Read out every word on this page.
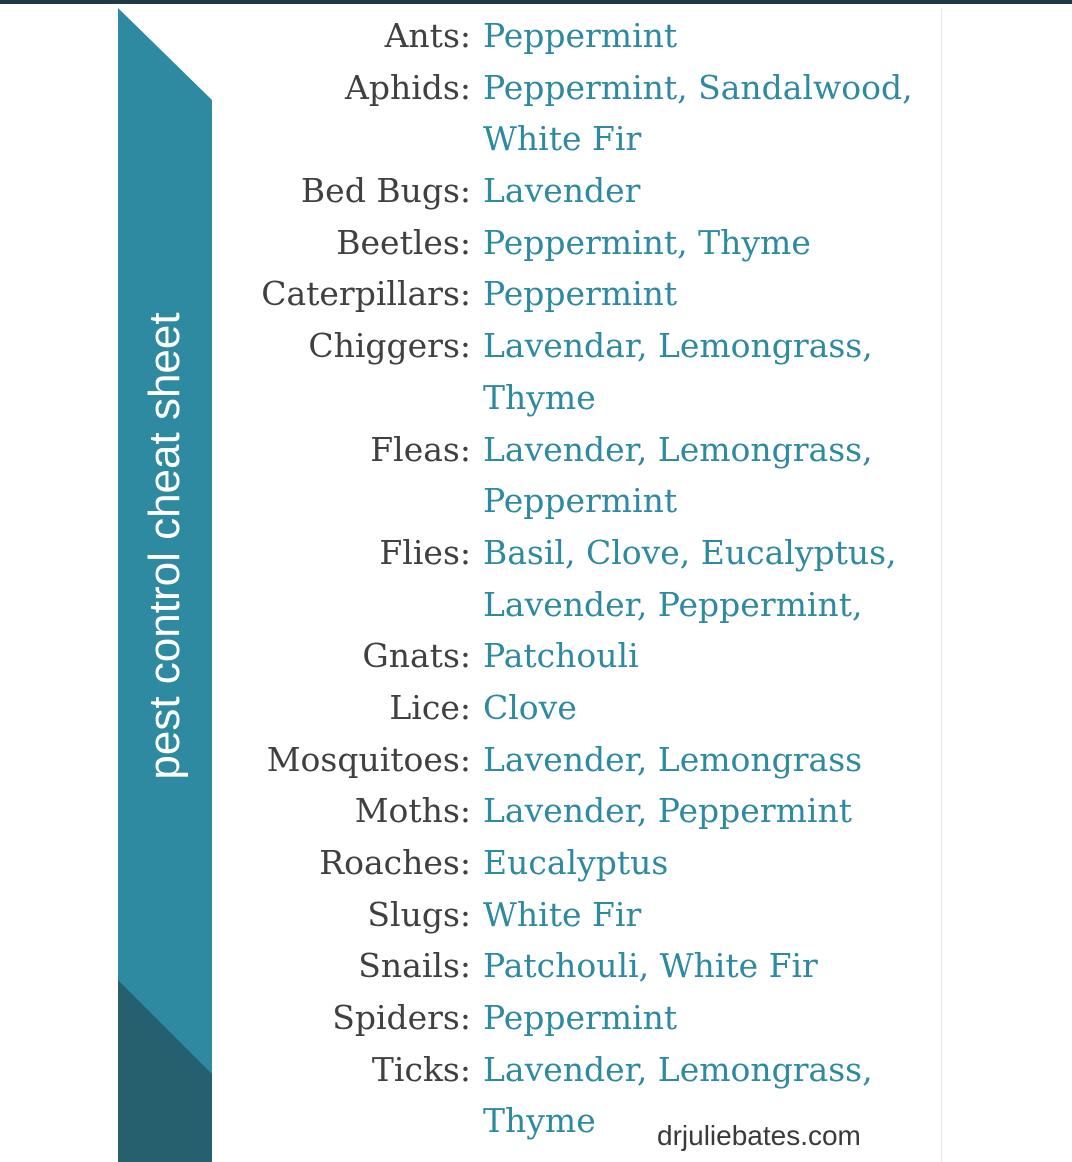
pest control cheat sheet
Ants: Peppermint
Aphids: Peppermint, Sandalwood,
White Fir
Bed Bugs: Lavender
Beetles: Peppermint, Thyme
Caterpillars: Peppermint
Chiggers: Lavendar, Lemongrass,
Thyme
Fleas: Lavender, Lemongrass,
Peppermint
Flies: Basil, Clove, Eucalyptus,
Lavender, Peppermint,
Gnats: Patchouli
Lice: Clove
Mosquitoes: Lavender, Lemongrass
Moths: Lavender, Peppermint
Roaches: Eucalyptus
Slugs: White Fir
Snails: Patchouli, White Fir
Spiders: Peppermint
Ticks: Lavender, Lemongrass,
Thyme drjuliebates.com
